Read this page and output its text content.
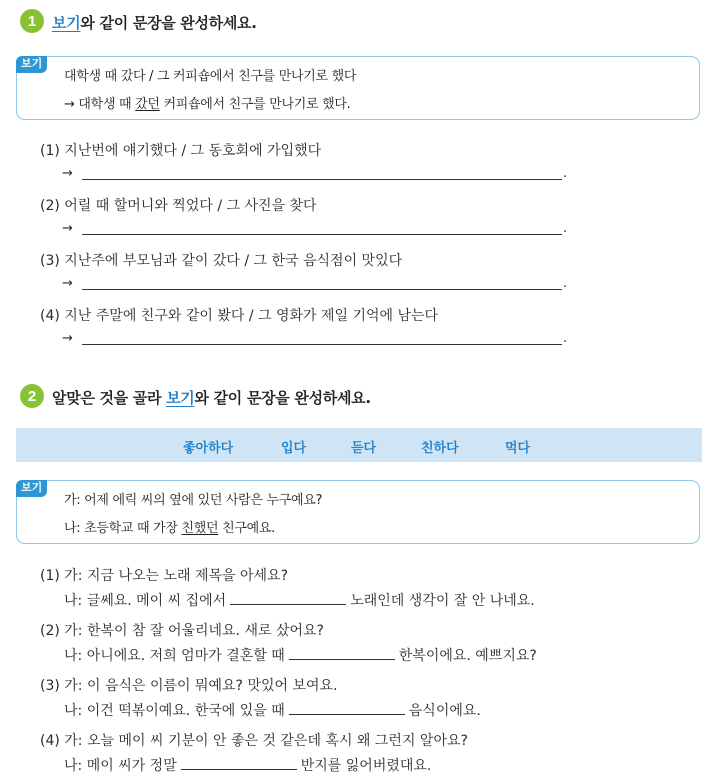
1	보기와 같이 문장을 완성하세요.
보기
대학생 때 갔다 / 그 커피숍에서 친구를 만나기로 했다
→ 대학생 때 갔던 커피숍에서 친구를 만나기로 했다.
(1) 지난번에 얘기했다 / 그 동호회에 가입했다
→	.
(2) 어릴 때 할머니와 찍었다 / 그 사진을 찾다
→	.
(3) 지난주에 부모님과 같이 갔다 / 그 한국 음식점이 맛있다
→	.
(4) 지난 주말에 친구와 같이 봤다 / 그 영화가 제일 기억에 남는다
→	.
2	알맞은 것을 골라 보기와 같이 문장을 완성하세요.
좋아하다	입다	듣다	친하다	먹다
보기
가: 어제 에릭 씨의 옆에 있던 사람은 누구예요?
나: 초등학교 때 가장 친했던 친구예요.
(1) 가: 지금 나오는 노래 제목을 아세요?
나: 글쎄요. 메이 씨 집에서	노래인데 생각이 잘 안 나네요.
(2) 가: 한복이 참 잘 어울리네요. 새로 샀어요?
나: 아니에요. 저희 엄마가 결혼할 때	한복이에요. 예쁘지요?
(3) 가: 이 음식은 이름이 뭐예요? 맛있어 보여요.
나: 이건 떡볶이예요. 한국에 있을 때	음식이에요.
(4) 가: 오늘 메이 씨 기분이 안 좋은 것 같은데 혹시 왜 그런지 알아요?
나: 메이 씨가 정말	반지를 잃어버렸대요.
